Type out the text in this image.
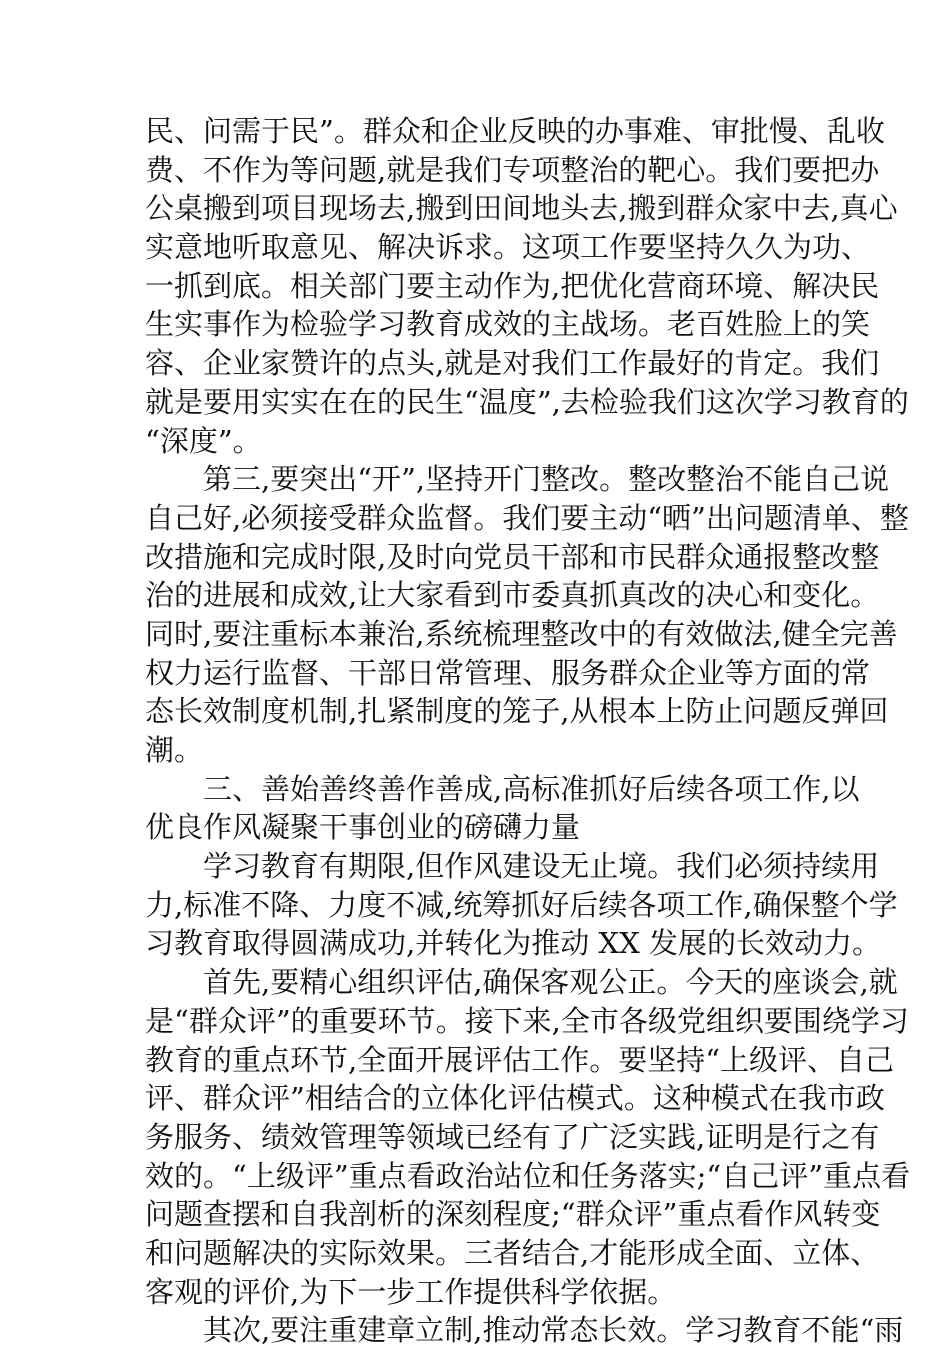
民、问需于民”。群众和企业反映的办事难、审批慢、乱收
费、不作为等问题,就是我们专项整治的靶心。我们要把办
公桌搬到项目现场去,搬到田间地头去,搬到群众家中去,真心
实意地听取意见、解决诉求。这项工作要坚持久久为功、
一抓到底。相关部门要主动作为,把优化营商环境、解决民
生实事作为检验学习教育成效的主战场。老百姓脸上的笑
容、企业家赞许的点头,就是对我们工作最好的肯定。我们
就是要用实实在在的民生“温度”,去检验我们这次学习教育的
“深度”。
第三,要突出“开”,坚持开门整改。整改整治不能自己说
自己好,必须接受群众监督。我们要主动“晒”出问题清单、整
改措施和完成时限,及时向党员干部和市民群众通报整改整
治的进展和成效,让大家看到市委真抓真改的决心和变化。
同时,要注重标本兼治,系统梳理整改中的有效做法,健全完善
权力运行监督、干部日常管理、服务群众企业等方面的常
态长效制度机制,扎紧制度的笼子,从根本上防止问题反弹回
潮。
三、善始善终善作善成,高标准抓好后续各项工作,以
优良作风凝聚干事创业的磅礴力量
学习教育有期限,但作风建设无止境。我们必须持续用
力,标准不降、力度不减,统筹抓好后续各项工作,确保整个学
习教育取得圆满成功,并转化为推动 XX 发展的长效动力。
首先,要精心组织评估,确保客观公正。今天的座谈会,就
是“群众评”的重要环节。接下来,全市各级党组织要围绕学习
教育的重点环节,全面开展评估工作。要坚持“上级评、自己
评、群众评”相结合的立体化评估模式。这种模式在我市政
务服务、绩效管理等领域已经有了广泛实践,证明是行之有
效的。“上级评”重点看政治站位和任务落实;“自己评”重点看
问题查摆和自我剖析的深刻程度;“群众评”重点看作风转变
和问题解决的实际效果。三者结合,才能形成全面、立体、
客观的评价,为下一步工作提供科学依据。
其次,要注重建章立制,推动常态长效。学习教育不能“雨
